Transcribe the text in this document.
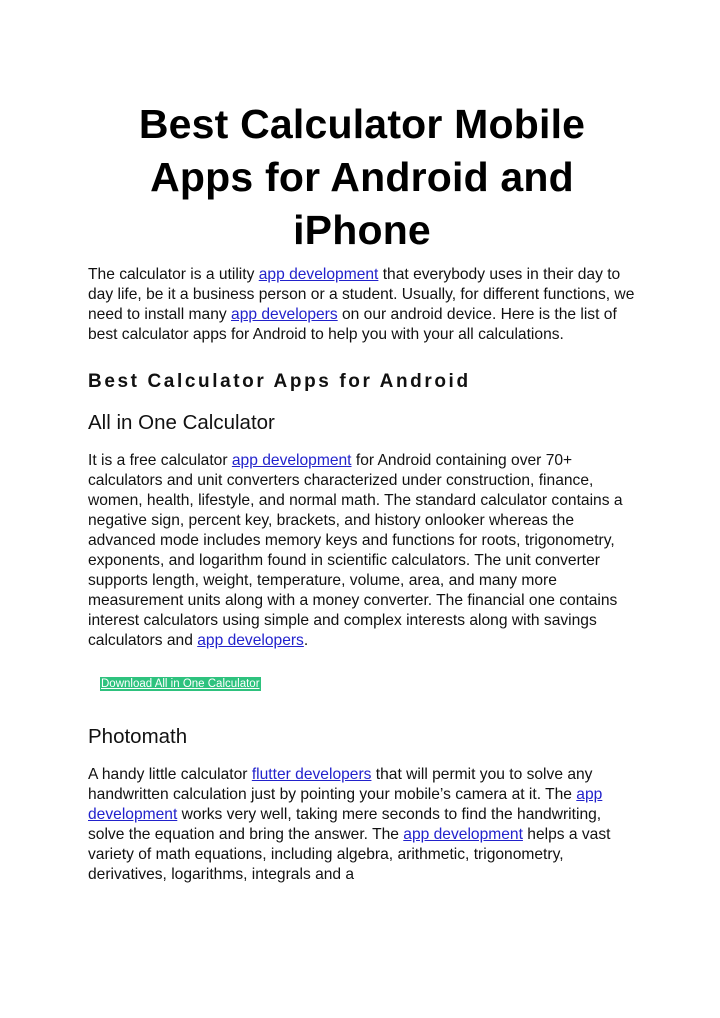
Best Calculator Mobile Apps for Android and iPhone

The calculator is a utility app development that everybody uses in their day to day life, be it a business person or a student. Usually, for different functions, we need to install many app developers on our android device. Here is the list of best calculator apps for Android to help you with your all calculations.

Best Calculator Apps for Android
All in One Calculator

It is a free calculator app development for Android containing over 70+ calculators and unit converters characterized under construction, finance, women, health, lifestyle, and normal math. The standard calculator contains a negative sign, percent key, brackets, and history onlooker whereas the advanced mode includes memory keys and functions for roots, trigonometry, exponents, and logarithm found in scientific calculators. The unit converter supports length, weight, temperature, volume, area, and many more measurement units along with a money converter. The financial one contains interest calculators using simple and complex interests along with savings calculators and app developers.

Download All in One Calculator
Photomath

A handy little calculator flutter developers that will permit you to solve any handwritten calculation just by pointing your mobile’s camera at it. The app development works very well, taking mere seconds to find the handwriting, solve the equation and bring the answer. The app development helps a vast variety of math equations, including algebra, arithmetic, trigonometry, derivatives, logarithms, integrals and a
